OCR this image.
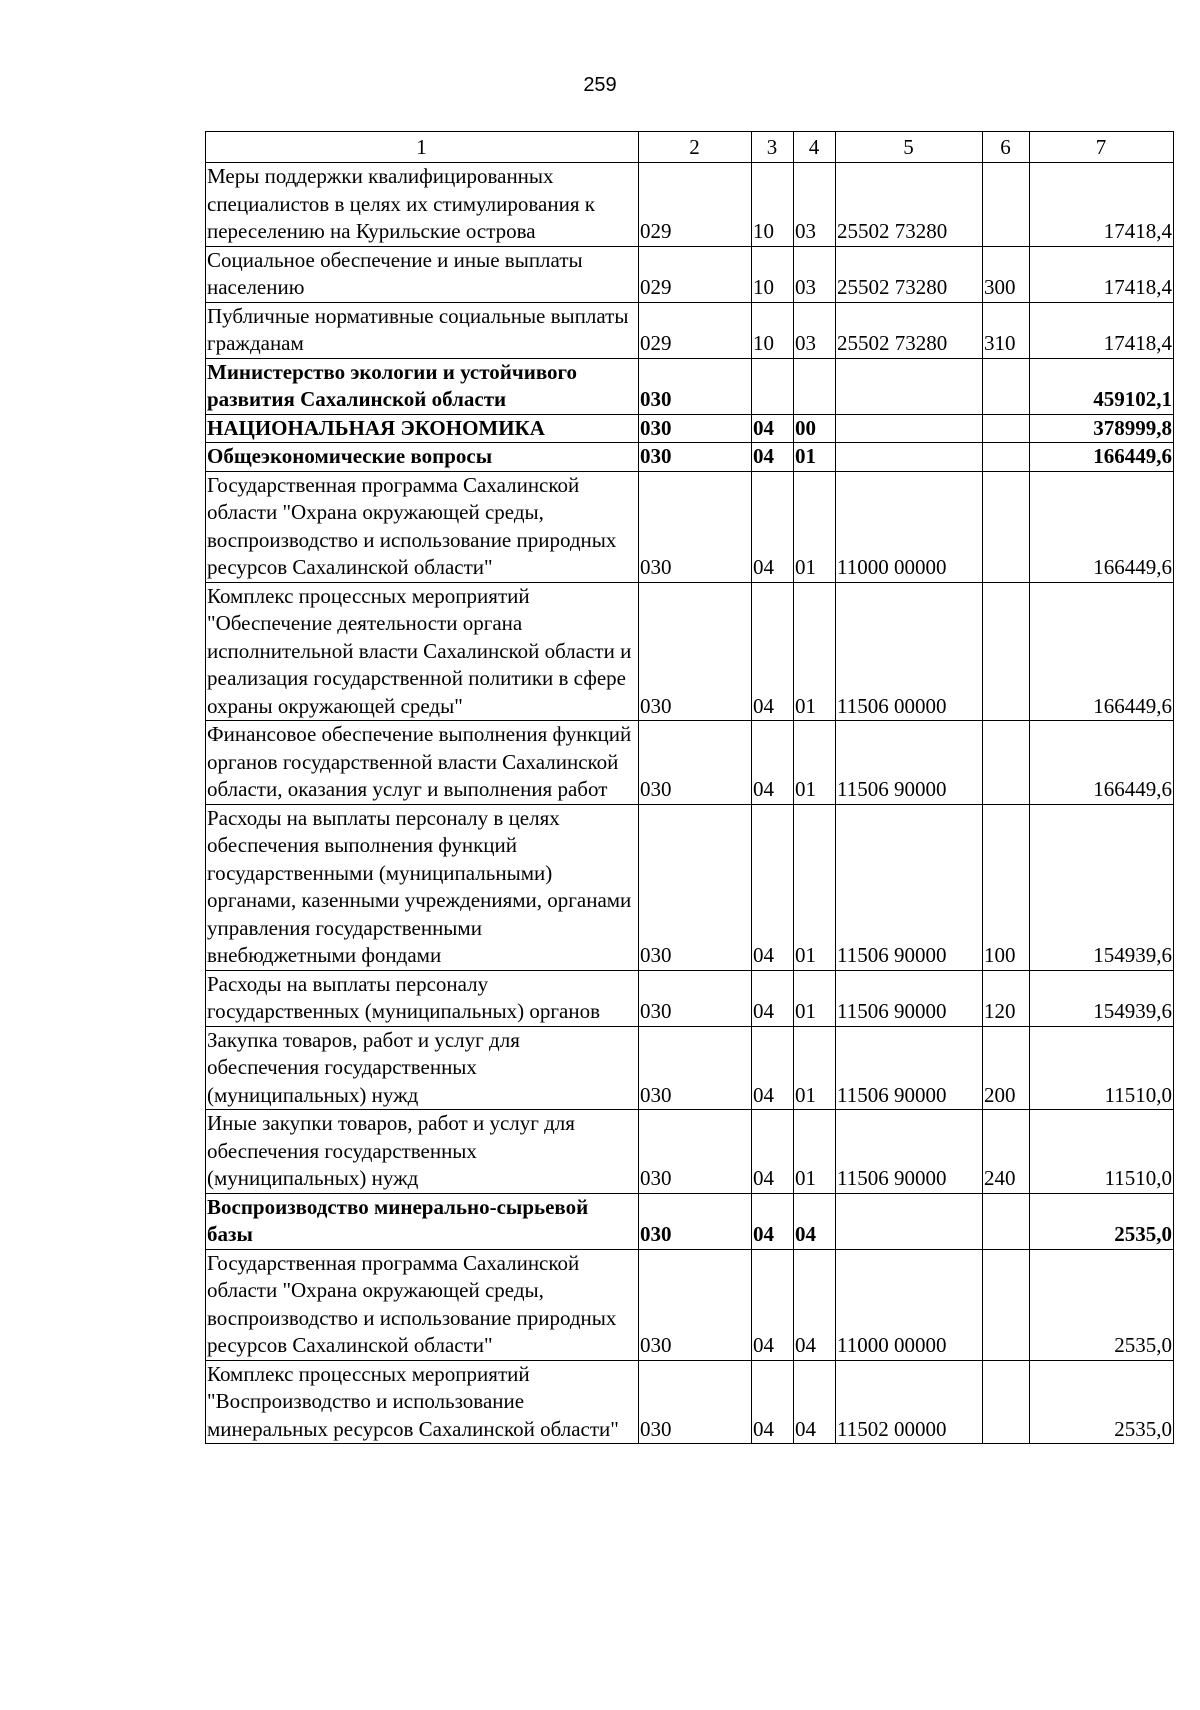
259
1	2	3	4	5	6	7
Меры поддержки квалифицированных специалистов в целях их стимулирования к переселению на Курильские острова	029	10	03	25502 73280		17418,4
Социальное обеспечение и иные выплаты населению	029	10	03	25502 73280	300	17418,4
Публичные нормативные социальные выплаты гражданам	029	10	03	25502 73280	310	17418,4
Министерство экологии и устойчивого развития Сахалинской области	030					459102,1
НАЦИОНАЛЬНАЯ ЭКОНОМИКА	030	04	00			378999,8
Общеэкономические вопросы	030	04	01			166449,6
Государственная программа Сахалинской области "Охрана окружающей среды, воспроизводство и использование природных ресурсов Сахалинской области"	030	04	01	11000 00000		166449,6
Комплекс процессных мероприятий "Обеспечение деятельности органа исполнительной власти Сахалинской области и реализация государственной политики в сфере охраны окружающей среды"	030	04	01	11506 00000		166449,6
Финансовое обеспечение выполнения функций органов государственной власти Сахалинской области, оказания услуг и выполнения работ	030	04	01	11506 90000		166449,6
Расходы на выплаты персоналу в целях обеспечения выполнения функций государственными (муниципальными) органами, казенными учреждениями, органами управления государственными внебюджетными фондами	030	04	01	11506 90000	100	154939,6
Расходы на выплаты персоналу государственных (муниципальных) органов	030	04	01	11506 90000	120	154939,6
Закупка товаров, работ и услуг для обеспечения государственных (муниципальных) нужд	030	04	01	11506 90000	200	11510,0
Иные закупки товаров, работ и услуг для обеспечения государственных (муниципальных) нужд	030	04	01	11506 90000	240	11510,0
Воспроизводство минерально-сырьевой базы	030	04	04			2535,0
Государственная программа Сахалинской области "Охрана окружающей среды, воспроизводство и использование природных ресурсов Сахалинской области"	030	04	04	11000 00000		2535,0
Комплекс процессных мероприятий "Воспроизводство и использование минеральных ресурсов Сахалинской области"	030	04	04	11502 00000		2535,0
